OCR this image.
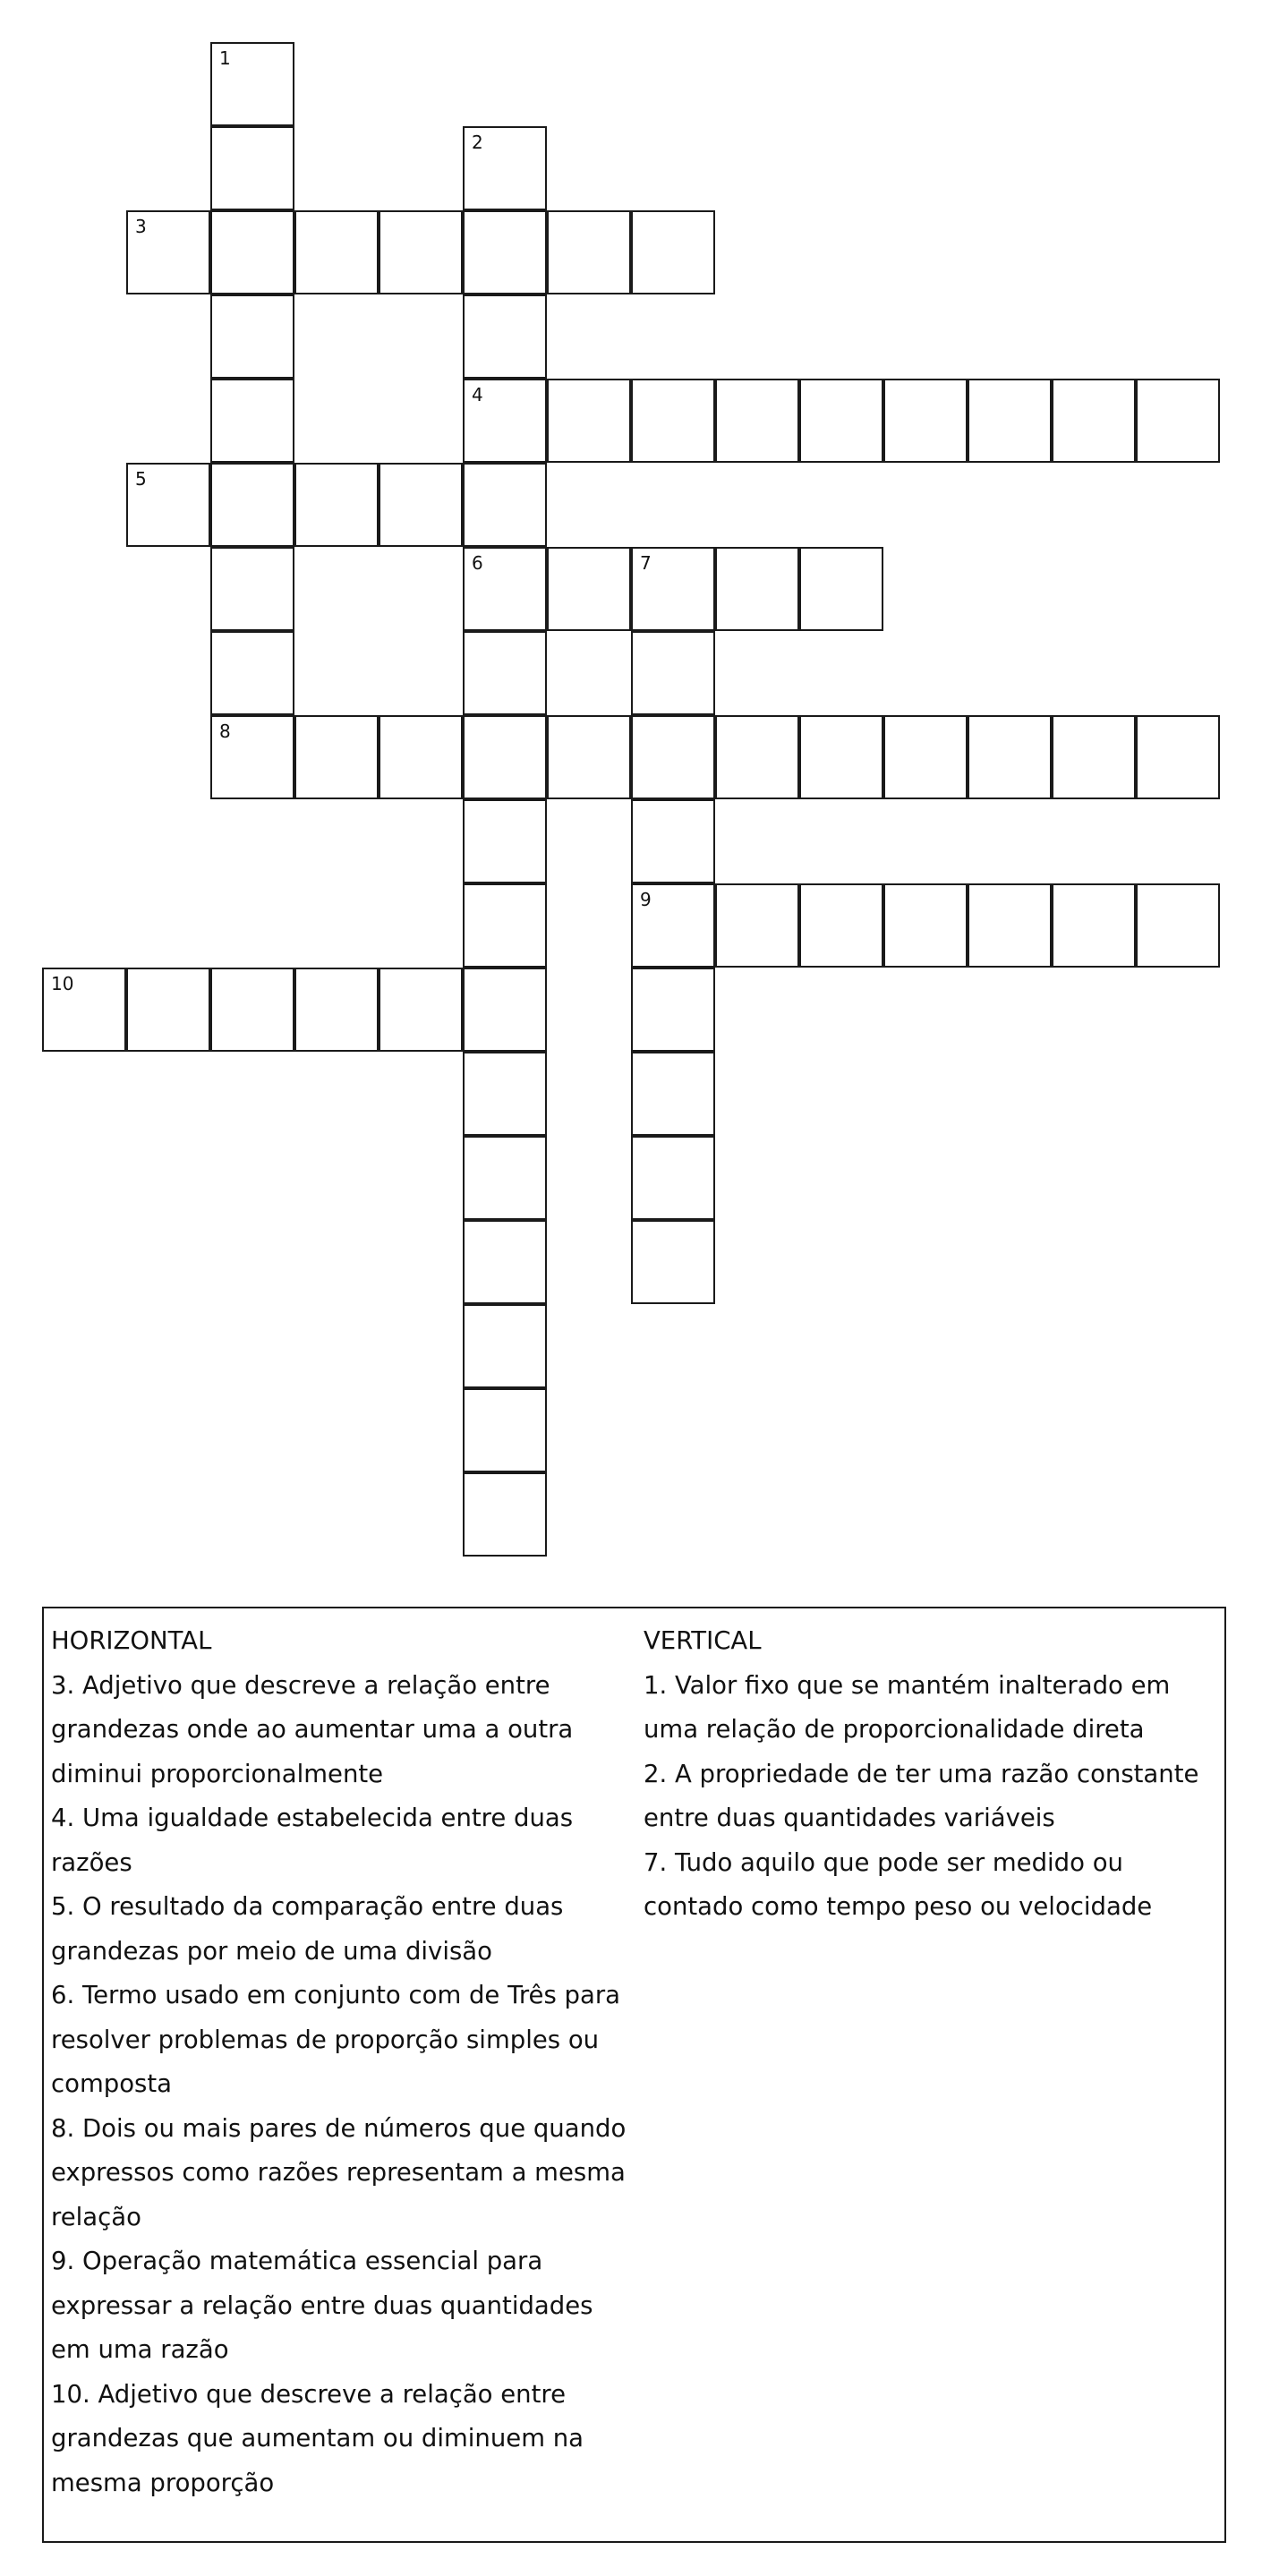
1
2
4
6
3
5
7
9
8
10

HORIZONTAL

3. Adjetivo que descreve a relação entre grandezas onde ao aumentar uma a outra diminui proporcionalmente

4. Uma igualdade estabelecida entre duas razões

5. O resultado da comparação entre duas grandezas por meio de uma divisão

6. Termo usado em conjunto com de Três para resolver problemas de proporção simples ou composta

8. Dois ou mais pares de números que quando expressos como razões representam a mesma relação

9. Operação matemática essencial para expressar a relação entre duas quantidades em uma razão

10. Adjetivo que descreve a relação entre grandezas que aumentam ou diminuem na mesma proporção

VERTICAL

1. Valor fixo que se mantém inalterado em uma relação de proporcionalidade direta

2. A propriedade de ter uma razão constante entre duas quantidades variáveis

7. Tudo aquilo que pode ser medido ou contado como tempo peso ou velocidade
